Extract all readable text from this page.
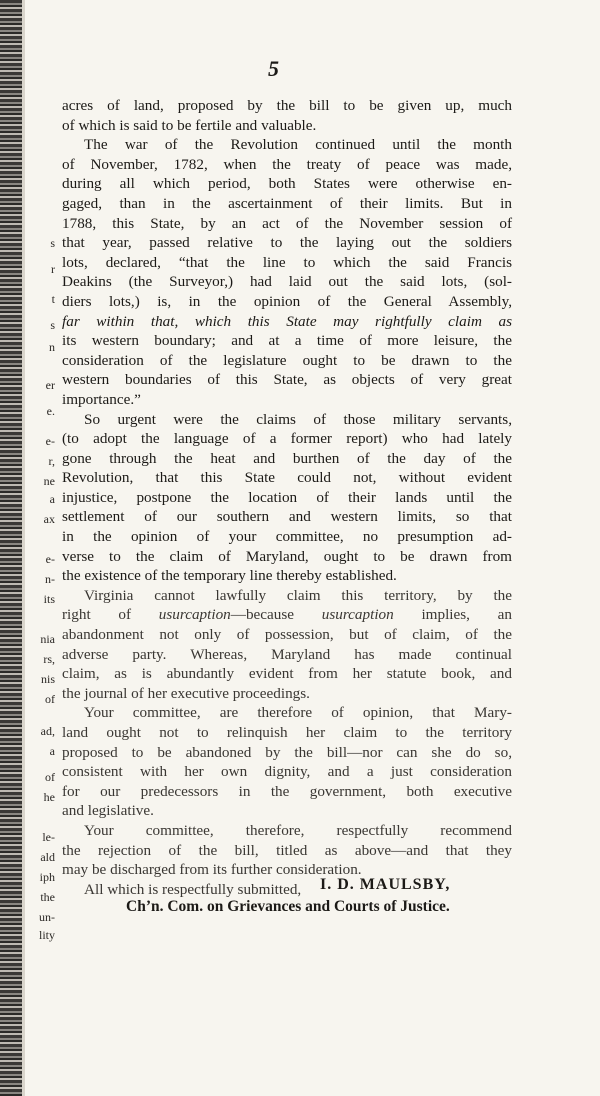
s
r
t
s
n
er
e.
e-
r,
ne
a
ax
e-
n-
its
nia
rs,
nis
of
ad,
a
of
he
le-
ald
iph
the
un-
lity
5
acres of land, proposed by the bill to be given up, much
of which is said to be fertile and valuable.
The war of the Revolution continued until the month
of November, 1782, when the treaty of peace was made,
during all which period, both States were otherwise en-
gaged, than in the ascertainment of their limits. But in
1788, this State, by an act of the November session of
that year, passed relative to the laying out the soldiers
lots, declared, “that the line to which the said Francis
Deakins (the Surveyor,) had laid out the said lots, (sol-
diers lots,) is, in the opinion of the General Assembly,
far within that, which this State may rightfully claim as
its western boundary; and at a time of more leisure, the
consideration of the legislature ought to be drawn to the
western boundaries of this State, as objects of very great
importance.”
So urgent were the claims of those military servants,
(to adopt the language of a former report) who had lately
gone through the heat and burthen of the day of the
Revolution, that this State could not, without evident
injustice, postpone the location of their lands until the
settlement of our southern and western limits, so that
in the opinion of your committee, no presumption ad-
verse to the claim of Maryland, ought to be drawn from
the existence of the temporary line thereby established.
Virginia cannot lawfully claim this territory, by the
right of usurcaption—because usurcaption implies, an
abandonment not only of possession, but of claim, of the
adverse party. Whereas, Maryland has made continual
claim, as is abundantly evident from her statute book, and
the journal of her executive proceedings.
Your committee, are therefore of opinion, that Mary-
land ought not to relinquish her claim to the territory
proposed to be abandoned by the bill—nor can she do so,
consistent with her own dignity, and a just consideration
for our predecessors in the government, both executive
and legislative.
Your committee, therefore, respectfully recommend
the rejection of the bill, titled as above—and that they
may be discharged from its further consideration.
All which is respectfully submitted,	I. D. MAULSBY,
Ch’n. Com. on Grievances and Courts of Justice.
